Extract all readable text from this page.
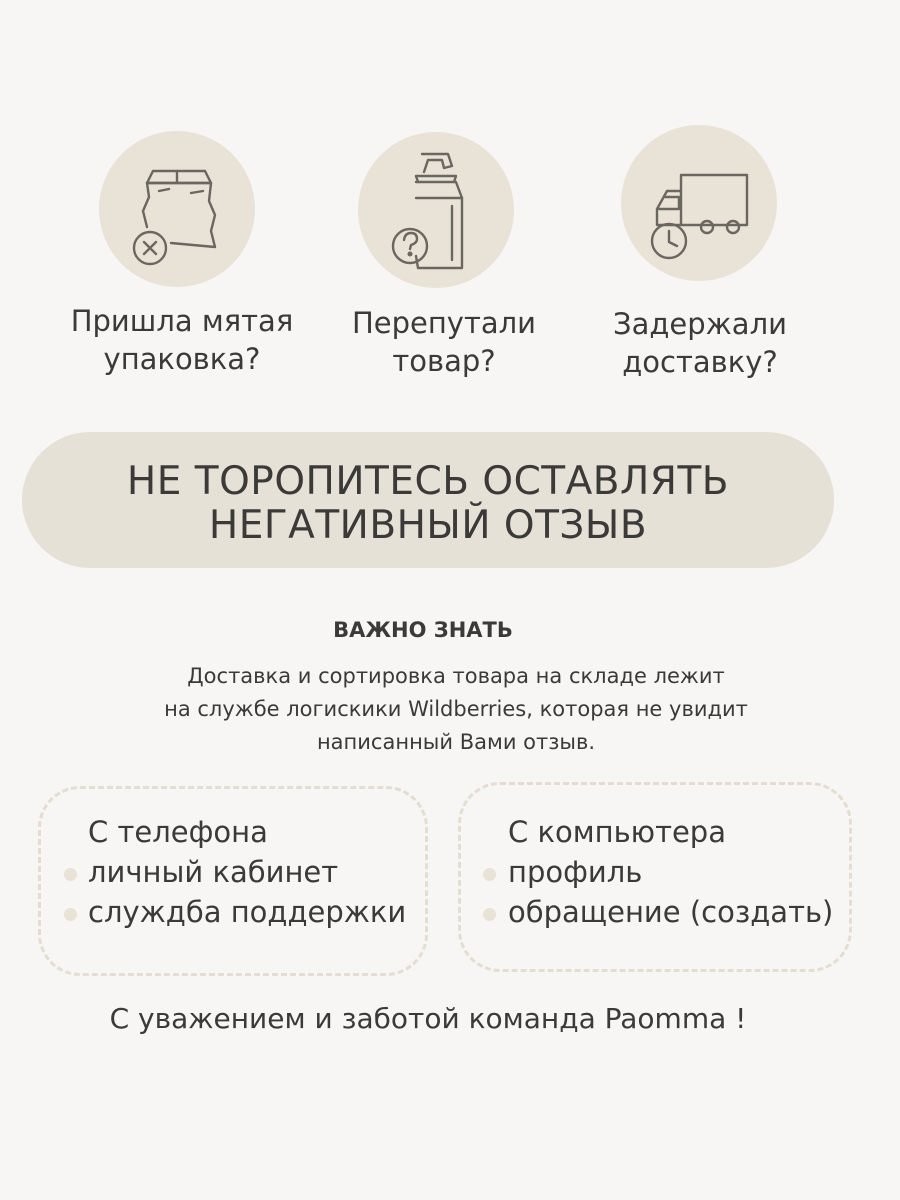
Пришла мятая
упаковка?
Перепутали
товар?
Задержали
доставку?
НЕ ТОРОПИТЕСЬ ОСТАВЛЯТЬ
НЕГАТИВНЫЙ ОТЗЫВ
ВАЖНО ЗНАТЬ
Доставка и сортировка товара на складе лежит
на службе логискики Wildberries, которая не увидит
написанный Вами отзыв.
С телефона
личный кабинет
служдба поддержки
С компьютера
профиль
обращение (создать)
С уважением и заботой команда Paomma !
